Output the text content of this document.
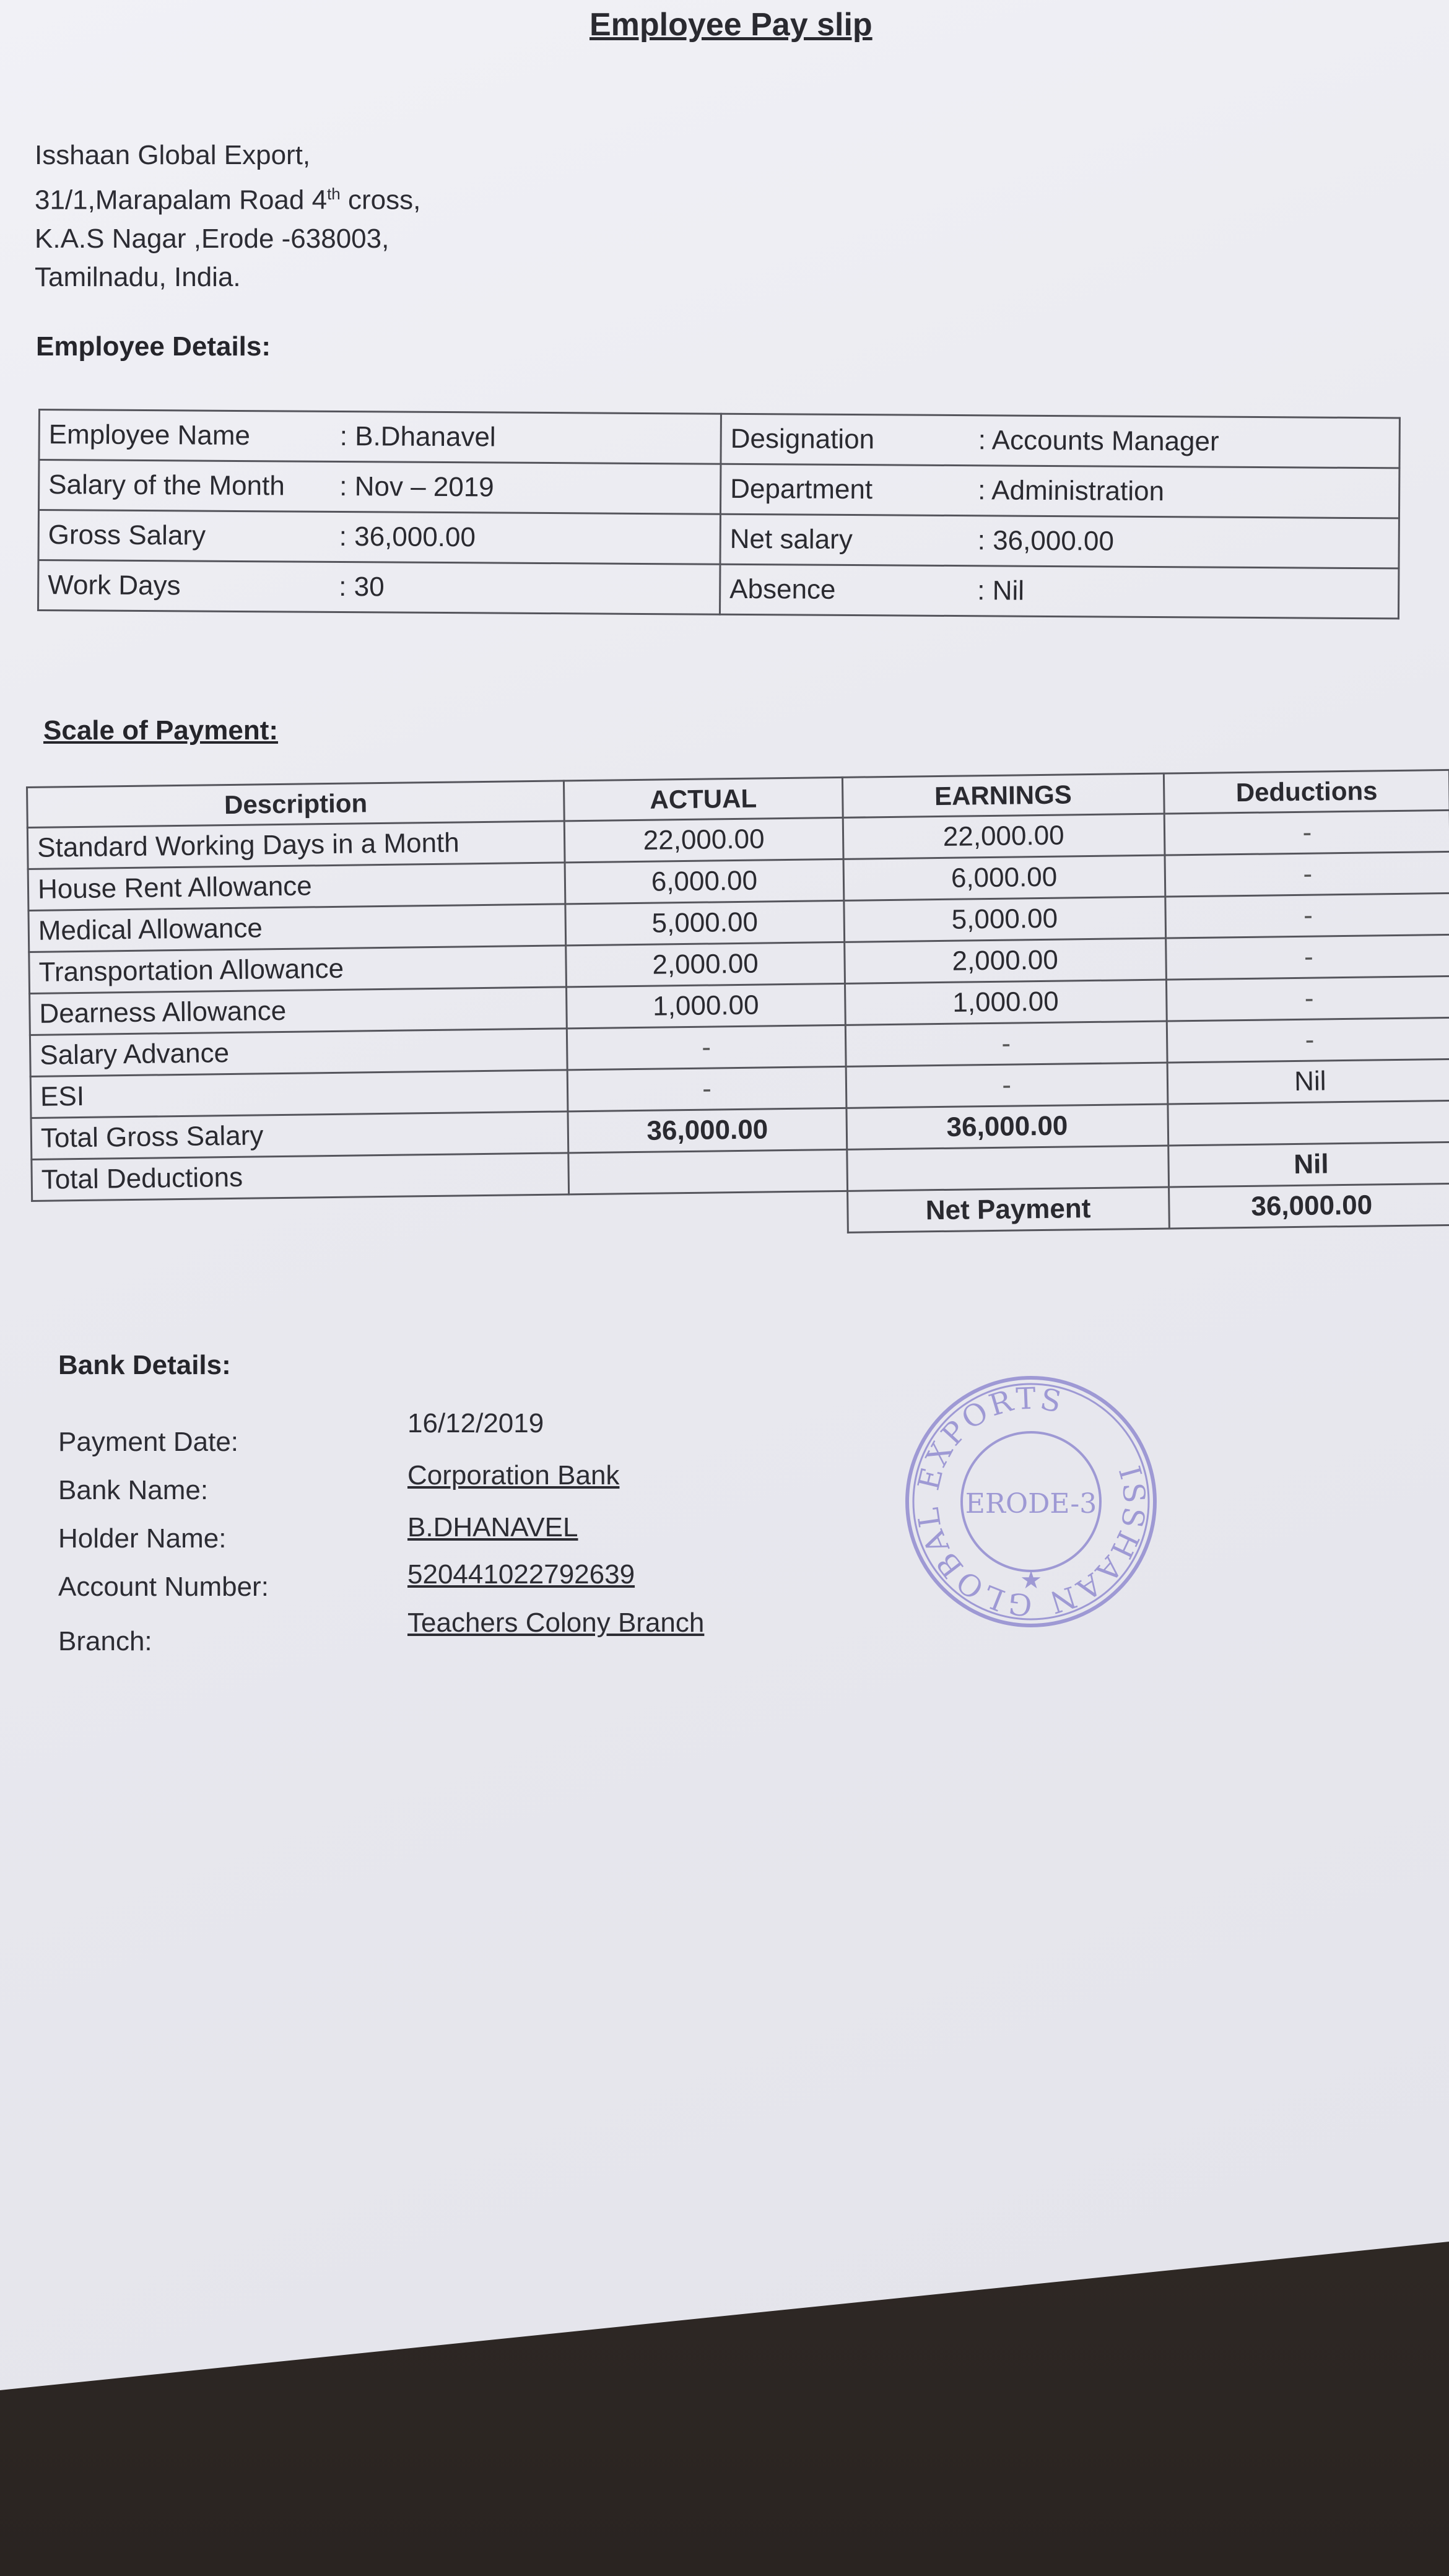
Employee Pay slip
Isshaan Global Export,
31/1,Marapalam Road 4th cross,
K.A.S Nagar ,Erode -638003,
Tamilnadu, India.
Employee Details:
Employee Name : B.Dhanavel	Designation : Accounts Manager
Salary of the Month : Nov – 2019	Department : Administration
Gross Salary : 36,000.00	Net salary : 36,000.00
Work Days : 30	Absence : Nil
Scale of Payment:
Description	ACTUAL	EARNINGS	Deductions
Standard Working Days in a Month	22,000.00	22,000.00	-
House Rent Allowance	6,000.00	6,000.00	-
Medical Allowance	5,000.00	5,000.00	-
Transportation Allowance	2,000.00	2,000.00	-
Dearness Allowance	1,000.00	1,000.00	-
Salary Advance	-	-	-
ESI	-	-	Nil
Total Gross Salary	36,000.00	36,000.00	
Total Deductions			Nil
		Net Payment	36,000.00
Bank Details:
Payment Date:
16/12/2019
Bank Name:	Corporation Bank
Holder Name:	B.DHANAVEL
Account Number:	520441022792639
Branch:
Teachers Colony Branch
ISSHAAN GLOBAL EXPORTS
ERODE-3
★
